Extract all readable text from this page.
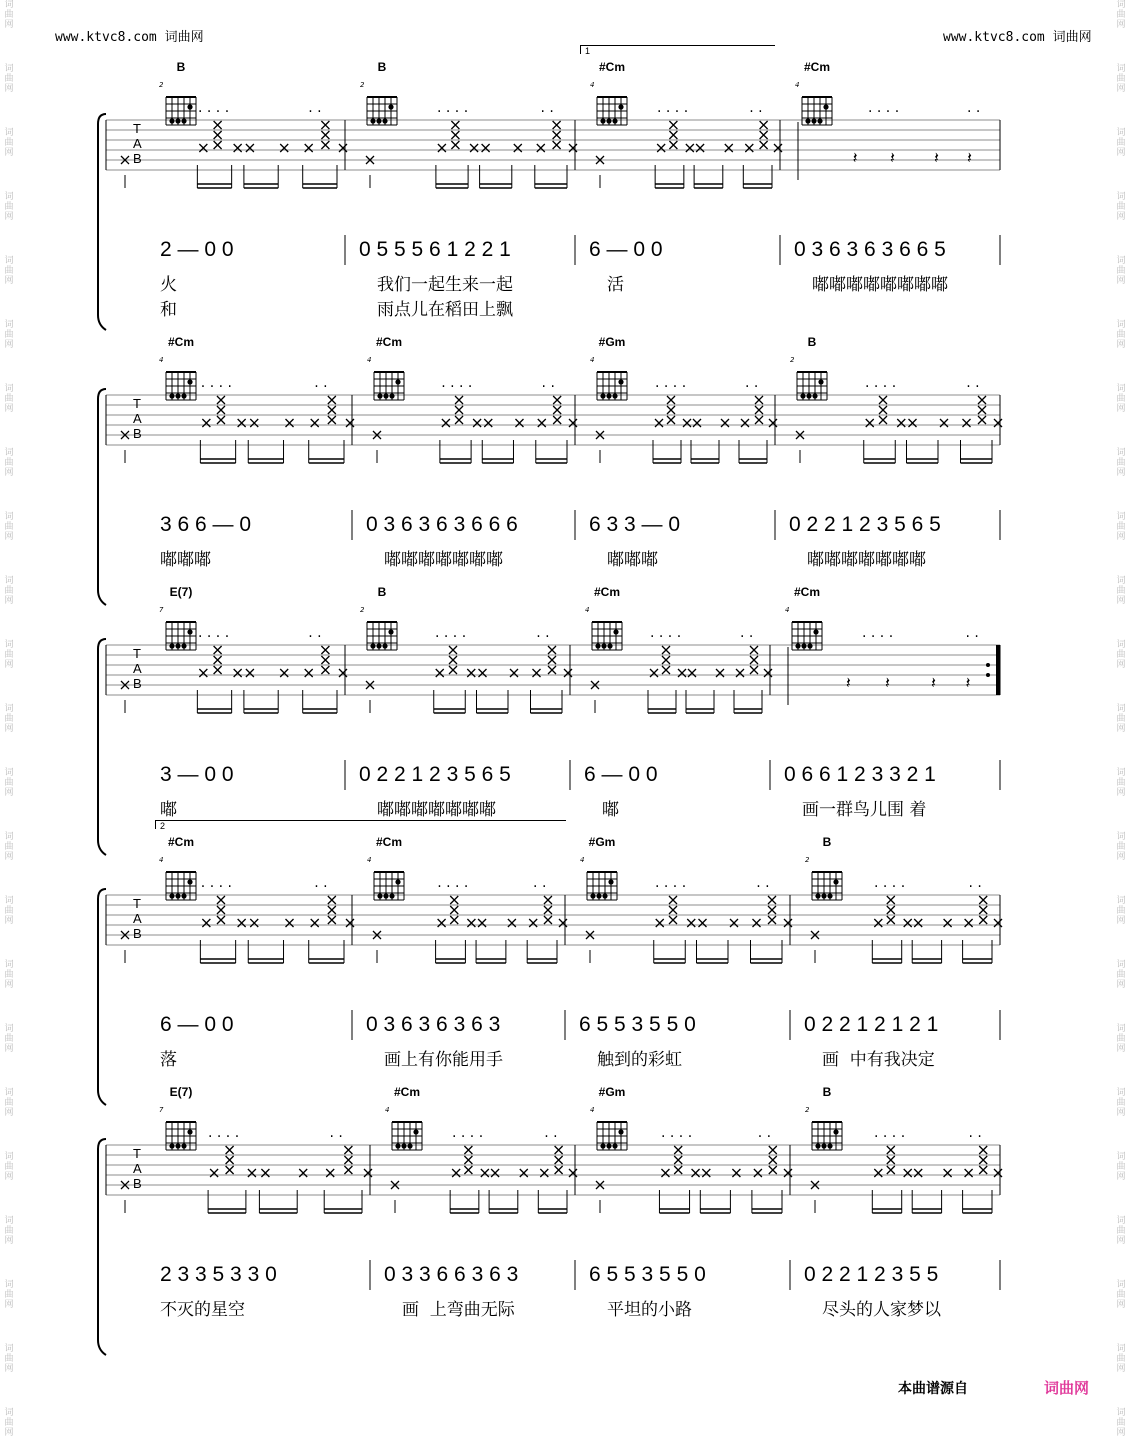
词
曲
网
词
曲
网
词
曲
网
词
曲
网
词
曲
网
词
曲
网
词
曲
网
词
曲
网
词
曲
网
词
曲
网
词
曲
网
词
曲
网
词
曲
网
词
曲
网
词
曲
网
词
曲
网
词
曲
网
词
曲
网
词
曲
网
词
曲
网
词
曲
网
词
曲
网
词
曲
网
词
曲
网
词
曲
网
词
曲
网
词
曲
网
词
曲
网
词
曲
网
词
曲
网
词
曲
网
词
曲
网
词
曲
网
词
曲
网
词
曲
网
词
曲
网
词
曲
网
词
曲
网
词
曲
网
词
曲
网
词
曲
网
词
曲
网
词
曲
网
词
曲
网
词
曲
网
词
曲
网
www.ktvc8.com 词曲网	www.ktvc8.com 词曲网
T
A
B
. . . .	. .	. . . .	. .	. . . .	. .	. . . .	. .
𝄽 𝄽 𝄽 𝄽
B
2
B
2
#Cm
4
#Cm
4
2 — 0 0
火
和
0 5 5 5 6 1 2 2 1
我们一起生来一起
雨点儿在稻田上飘
6 — 0 0
活
0 3 6 3 6 3 6 6 5
嘟嘟嘟嘟嘟嘟嘟嘟
T
A
B
. . . .	. .	. . . .	. .	. . . .	. .	. . . .	. .
#Cm
4
#Cm
4
#Gm
4
B
2
3 6 6 — 0
嘟嘟嘟
0 3 6 3 6 3 6 6 6
嘟嘟嘟嘟嘟嘟嘟
6 3 3 — 0
嘟嘟嘟
0 2 2 1 2 3 5 6 5
嘟嘟嘟嘟嘟嘟嘟
T
A
B
. . . .	. .	. . . .	. .	. . . .	. .	. . . .	. .
𝄽 𝄽	𝄽 𝄽
E(7)
7
B
2
#Cm
4
#Cm
4
3 — 0 0
嘟
0 2 2 1 2 3 5 6 5
嘟嘟嘟嘟嘟嘟嘟
6 — 0 0
嘟
0 6 6 1 2 3 3 2 1
画一群鸟儿围 着
T
A
B
. . . .	. .	. . . .	. .	. . . .	. .	. . . .	. .
#Cm
4
#Cm
4
#Gm
4
B
2
6 — 0 0
落
0 3 6 3 6 3 6 3
画上有你能用手
6 5 5 3 5 5 0
触到的彩虹
0 2 2 1 2 1 2 1
画  中有我决定
T
A
B
. . . .	. .	. . . .	. .	. . . .	. .	. . . .	. .
E(7)
7
#Cm
4
#Gm
4
B
2
2 3 3 5 3 3 0
不灭的星空
0 3 3 6 6 3 6 3
画  上弯曲无际
6 5 5 3 5 5 0
平坦的小路
0 2 2 1 2 3 5 5
尽头的人家梦以
1
2
本曲谱源自	词曲网
